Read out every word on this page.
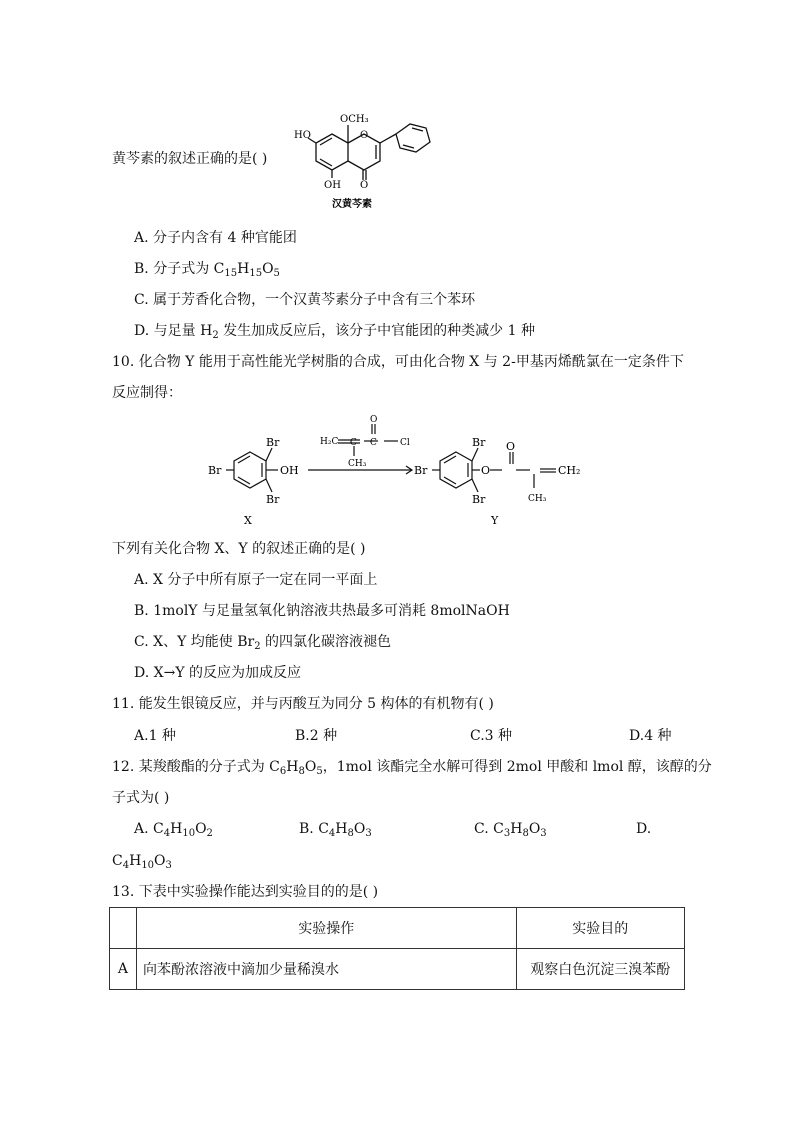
黄芩素的叙述正确的是( )
OCH₃
HO	O
OH O
汉黄芩素
A. 分子内含有 4 种官能团
B. 分子式为 $C_{15}H_{15}O_5$
C. 属于芳香化合物，一个汉黄芩素分子中含有三个苯环
D. 与足量 $H_2$ 发生加成反应后，该分子中官能团的种类减少 1 种
10. 化合物 Y 能用于高性能光学树脂的合成，可由化合物 X 与 2-甲基丙烯酰氯在一定条件下
反应制得：
Br
Br	OH
Br
X
O
H₂C C C	Cl
CH₃
Br
Br	O
O
CH₂
CH₃
Br
Y
下列有关化合物 X、Y 的叙述正确的是( )
A. X 分子中所有原子一定在同一平面上
B. 1molY 与足量氢氧化钠溶液共热最多可消耗 8molNaOH
C. X、Y 均能使 $Br_2$ 的四氯化碳溶液褪色
D. X→Y 的反应为加成反应
11. 能发生银镜反应，并与丙酸互为同分 5 构体的有机物有( )
A.1 种	B.2 种	C.3 种	D.4 种
12. 某羧酸酯的分子式为 $C_6H_8O_5$，1mol 该酯完全水解可得到 2mol 甲酸和 lmol 醇，该醇的分
子式为( )
A. $C_4H_{10}O_2$	B. $C_4H_8O_3$	C. $C_3H_8O_3$	D.
$C_4H_{10}O_3$
13. 下表中实验操作能达到实验目的的是( )
	实验操作	实验目的
A	向苯酚浓溶液中滴加少量稀溴水	观察白色沉淀三溴苯酚
